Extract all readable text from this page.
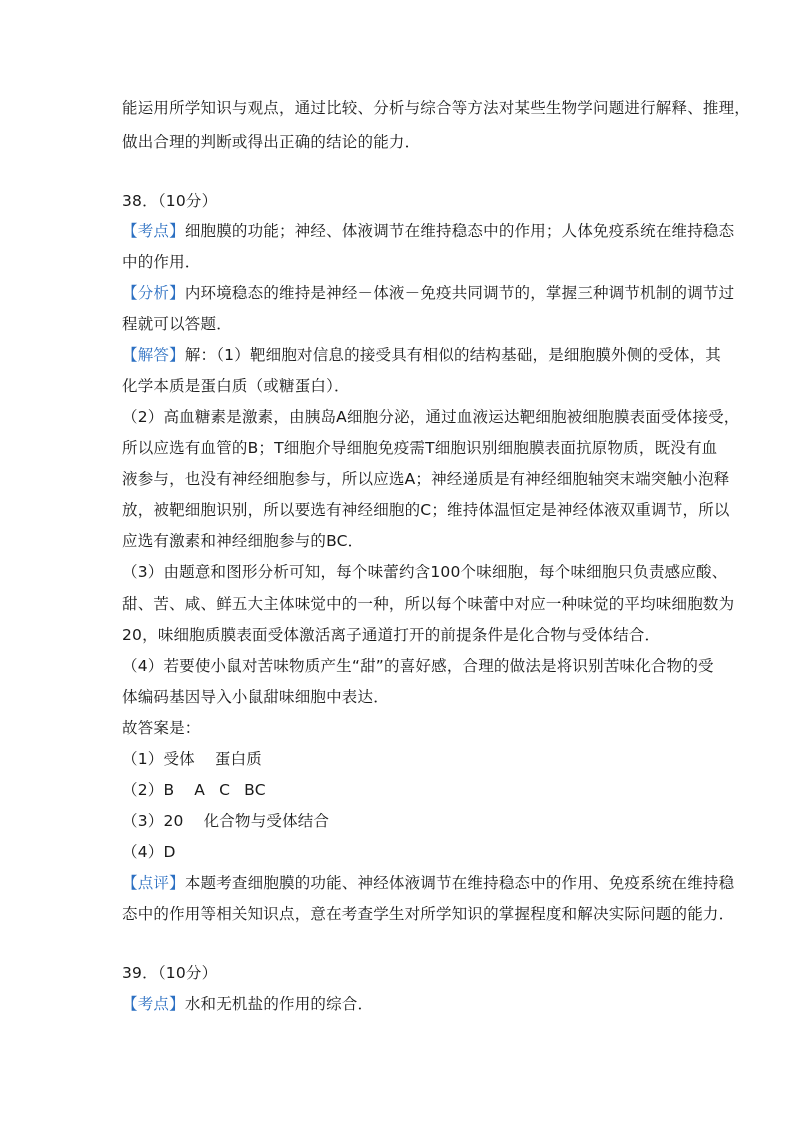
能运用所学知识与观点，通过比较、分析与综合等方法对某些生物学问题进行解释、推理，
做出合理的判断或得出正确的结论的能力．
38．（10分）
【考点】细胞膜的功能；神经、体液调节在维持稳态中的作用；人体免疫系统在维持稳态
中的作用．
【分析】内环境稳态的维持是神经－体液－免疫共同调节的，掌握三种调节机制的调节过
程就可以答题．
【解答】解：（1）靶细胞对信息的接受具有相似的结构基础，是细胞膜外侧的受体，其
化学本质是蛋白质（或糖蛋白）．
（2）高血糖素是激素，由胰岛A细胞分泌，通过血液运达靶细胞被细胞膜表面受体接受，
所以应选有血管的B；T细胞介导细胞免疫需T细胞识别细胞膜表面抗原物质，既没有血
液参与，也没有神经细胞参与，所以应选A；神经递质是有神经细胞轴突末端突触小泡释
放，被靶细胞识别，所以要选有神经细胞的C；维持体温恒定是神经体液双重调节，所以
应选有激素和神经细胞参与的BC．
（3）由题意和图形分析可知，每个味蕾约含100个味细胞，每个味细胞只负责感应酸、
甜、苦、咸、鲜五大主体味觉中的一种，所以每个味蕾中对应一种味觉的平均味细胞数为
20，味细胞质膜表面受体激活离子通道打开的前提条件是化合物与受体结合．
（4）若要使小鼠对苦味物质产生“甜”的喜好感，合理的做法是将识别苦味化合物的受
体编码基因导入小鼠甜味细胞中表达．
故答案是：
（1）受体 蛋白质
（2）B A C BC
（3）20 化合物与受体结合
（4）D
【点评】本题考查细胞膜的功能、神经体液调节在维持稳态中的作用、免疫系统在维持稳
态中的作用等相关知识点，意在考查学生对所学知识的掌握程度和解决实际问题的能力．
39．（10分）
【考点】水和无机盐的作用的综合．
